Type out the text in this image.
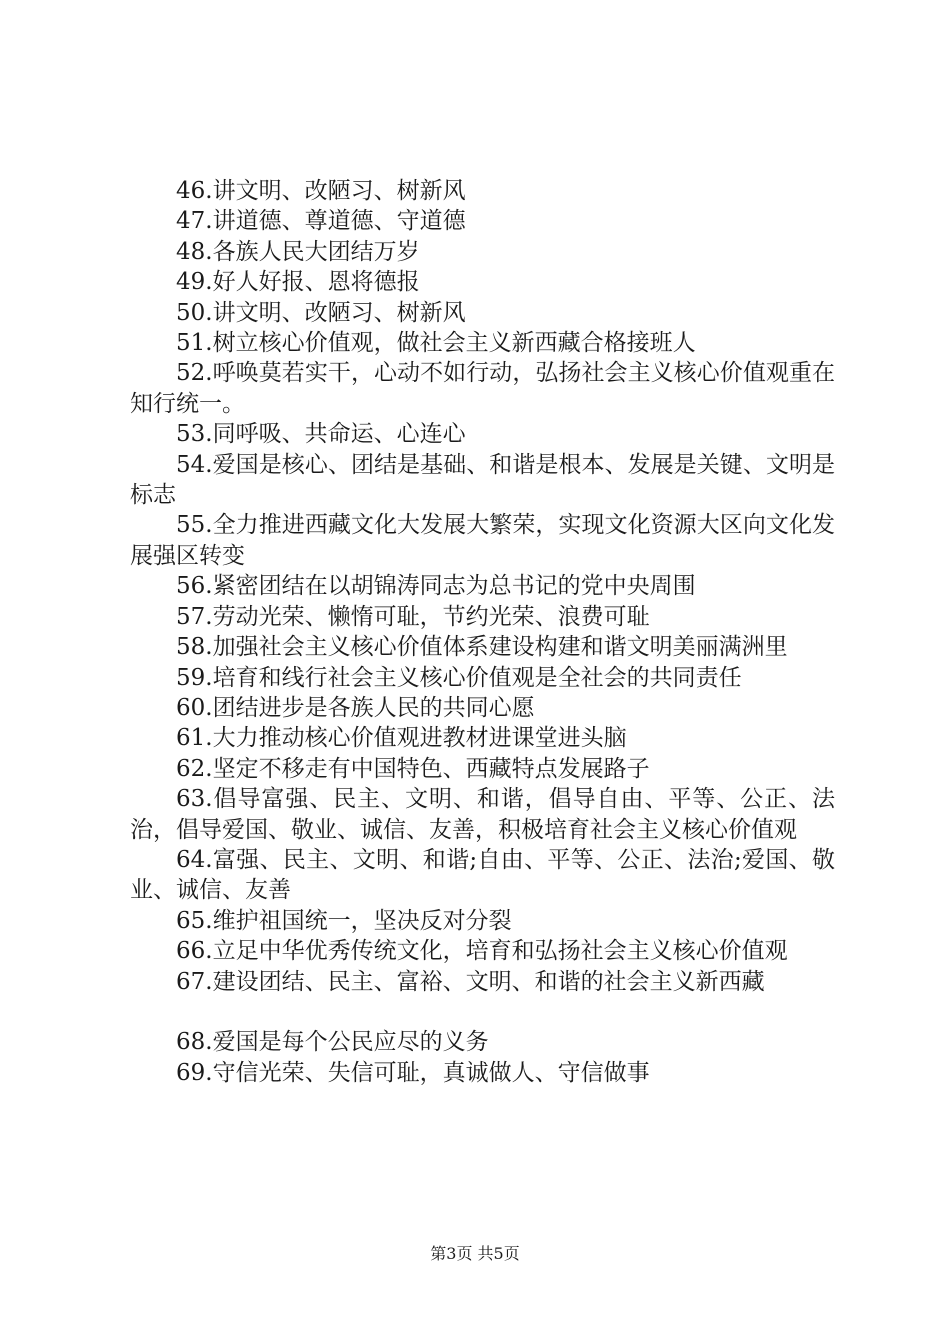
46.讲文明、改陋习、树新风

47.讲道德、尊道德、守道德

48.各族人民大团结万岁

49.好人好报、恩将德报

50.讲文明、改陋习、树新风

51.树立核心价值观，做社会主义新西藏合格接班人

52.呼唤莫若实干，心动不如行动，弘扬社会主义核心价值观重在知行统一。

53.同呼吸、共命运、心连心

54.爱国是核心、团结是基础、和谐是根本、发展是关键、文明是标志

55.全力推进西藏文化大发展大繁荣，实现文化资源大区向文化发展强区转变

56.紧密团结在以胡锦涛同志为总书记的党中央周围

57.劳动光荣、懒惰可耻，节约光荣、浪费可耻

58.加强社会主义核心价值体系建设构建和谐文明美丽满洲里

59.培育和线行社会主义核心价值观是全社会的共同责任

60.团结进步是各族人民的共同心愿

61.大力推动核心价值观进教材进课堂进头脑

62.坚定不移走有中国特色、西藏特点发展路子

63.倡导富强、民主、文明、和谐，倡导自由、平等、公正、法治，倡导爱国、敬业、诚信、友善，积极培育社会主义核心价值观

64.富强、民主、文明、和谐;自由、平等、公正、法治;爱国、敬业、诚信、友善

65.维护祖国统一，坚决反对分裂

66.立足中华优秀传统文化，培育和弘扬社会主义核心价值观

67.建设团结、民主、富裕、文明、和谐的社会主义新西藏

68.爱国是每个公民应尽的义务

69.守信光荣、失信可耻，真诚做人、守信做事

第3页 共5页
